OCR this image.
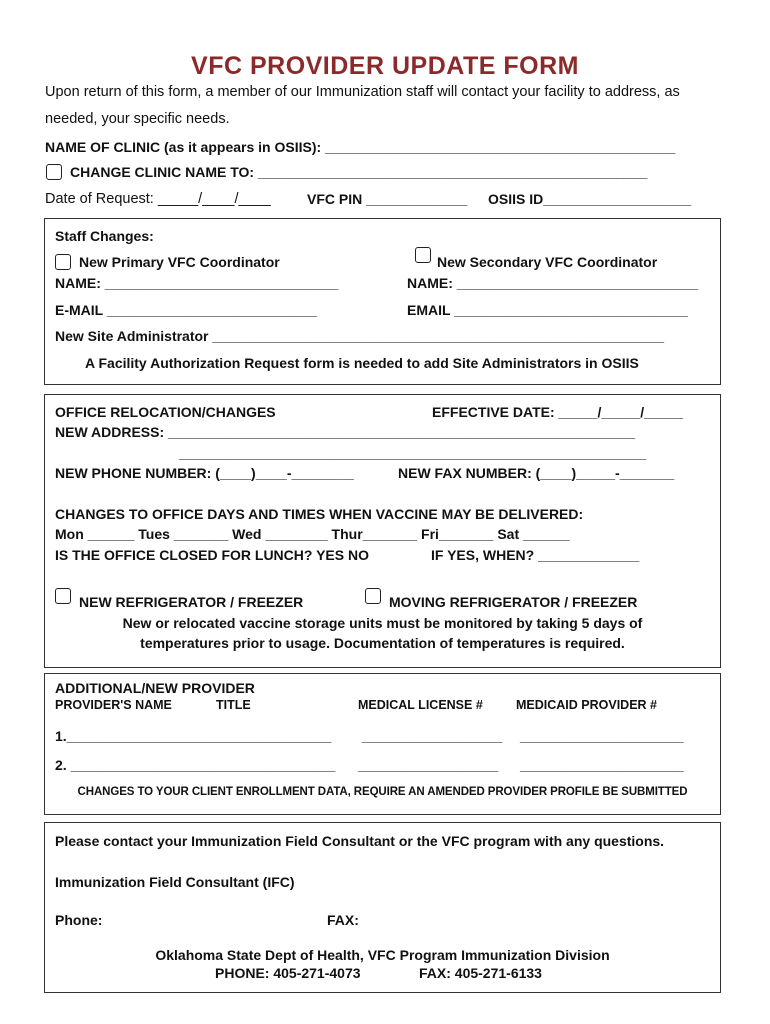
VFC PROVIDER UPDATE FORM
Upon return of this form, a member of our Immunization staff will contact your facility to address, as
needed, your specific needs.
NAME OF CLINIC (as it appears in OSIIS): _____________________________________________
CHANGE CLINIC NAME TO: __________________________________________________
Date of Request: _____/____/____	VFC PIN _____________ OSIIS ID___________________
Staff Changes:
New Primary VFC Coordinator	New Secondary VFC Coordinator
NAME: ______________________________	NAME: _______________________________
E-MAIL ___________________________	EMAIL ______________________________
New Site Administrator __________________________________________________________
A Facility Authorization Request form is needed to add Site Administrators in OSIIS
OFFICE RELOCATION/CHANGES	EFFECTIVE DATE: _____/_____/_____
NEW ADDRESS: ____________________________________________________________
____________________________________________________________
NEW PHONE NUMBER: (____)____-________	NEW FAX NUMBER: (____)_____-_______
CHANGES TO OFFICE DAYS AND TIMES WHEN VACCINE MAY BE DELIVERED:
Mon ______ Tues _______ Wed ________ Thur_______ Fri_______ Sat ______
IS THE OFFICE CLOSED FOR LUNCH? YES NO	IF YES, WHEN? _____________
NEW REFRIGERATOR / FREEZER	MOVING REFRIGERATOR / FREEZER
New or relocated vaccine storage units must be monitored by taking 5 days of
temperatures prior to usage. Documentation of temperatures is required.
ADDITIONAL/NEW PROVIDER
PROVIDER'S NAME	TITLE	MEDICAL LICENSE #	MEDICAID PROVIDER #
1.__________________________________ __________________ _____________________
2. __________________________________ __________________ _____________________
CHANGES TO YOUR CLIENT ENROLLMENT DATA, REQUIRE AN AMENDED PROVIDER PROFILE BE SUBMITTED
Please contact your Immunization Field Consultant or the VFC program with any questions.
Immunization Field Consultant (IFC)
Phone:	FAX:
Oklahoma State Dept of Health, VFC Program Immunization Division
PHONE: 405-271-4073	FAX: 405-271-6133
